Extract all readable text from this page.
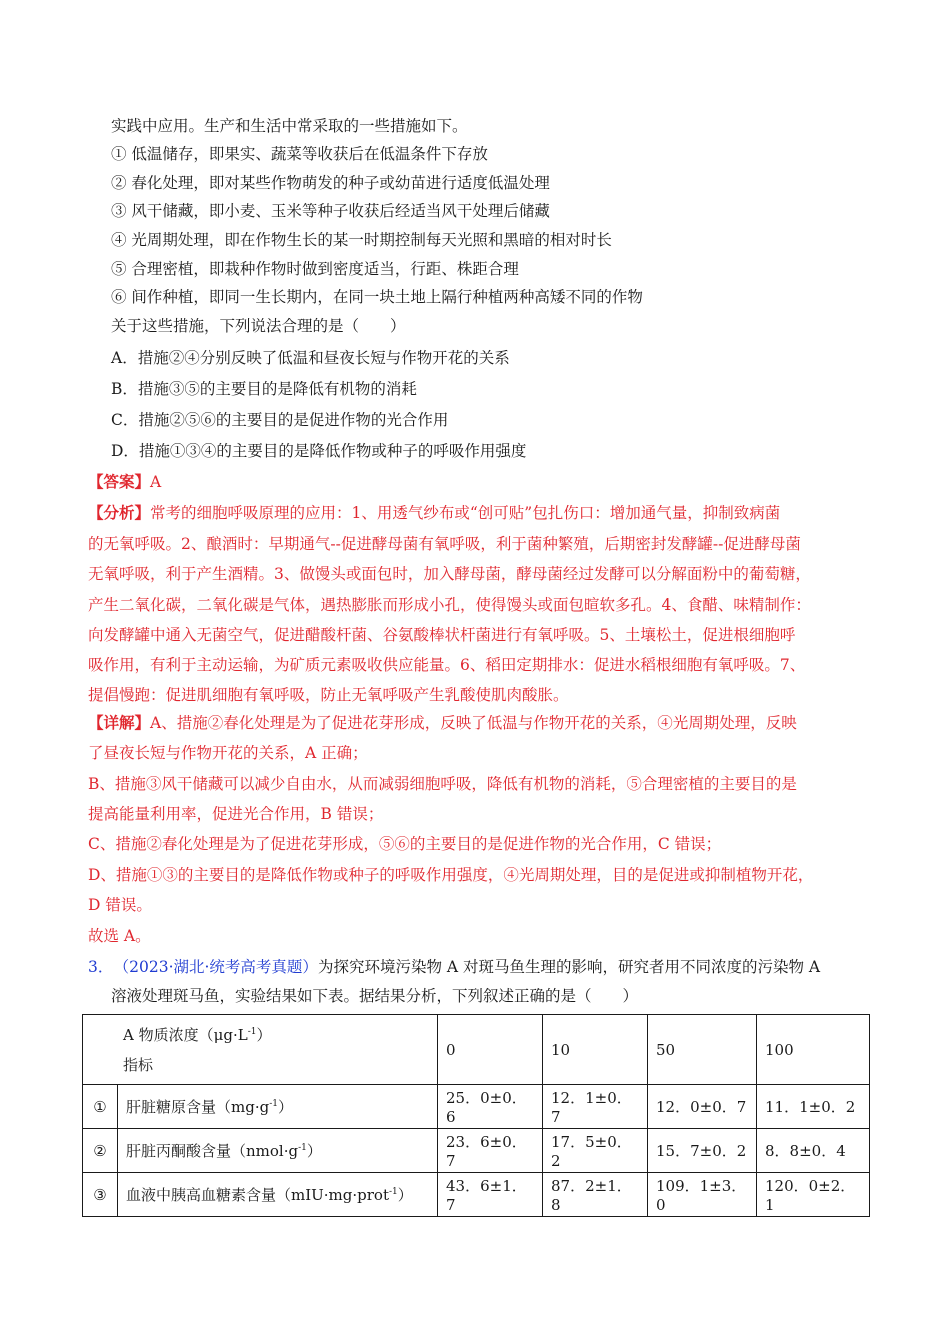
实践中应用。生产和生活中常采取的一些措施如下。
① 低温储存，即果实、蔬菜等收获后在低温条件下存放
② 春化处理，即对某些作物萌发的种子或幼苗进行适度低温处理
③ 风干储藏，即小麦、玉米等种子收获后经适当风干处理后储藏
④ 光周期处理，即在作物生长的某一时期控制每天光照和黑暗的相对时长
⑤ 合理密植，即栽种作物时做到密度适当，行距、株距合理
⑥ 间作种植，即同一生长期内，在同一块土地上隔行种植两种高矮不同的作物
关于这些措施，下列说法合理的是（　　）
A．措施②④分别反映了低温和昼夜长短与作物开花的关系
B．措施③⑤的主要目的是降低有机物的消耗
C．措施②⑤⑥的主要目的是促进作物的光合作用
D．措施①③④的主要目的是降低作物或种子的呼吸作用强度
【答案】A
【分析】常考的细胞呼吸原理的应用：1、用透气纱布或“创可贴”包扎伤口：增加通气量，抑制致病菌
的无氧呼吸。2、酿酒时：早期通气--促进酵母菌有氧呼吸，利于菌种繁殖，后期密封发酵罐--促进酵母菌
无氧呼吸，利于产生酒精。3、做馒头或面包时，加入酵母菌，酵母菌经过发酵可以分解面粉中的葡萄糖，
产生二氧化碳，二氧化碳是气体，遇热膨胀而形成小孔，使得馒头或面包暄软多孔。4、食醋、味精制作：
向发酵罐中通入无菌空气，促进醋酸杆菌、谷氨酸棒状杆菌进行有氧呼吸。5、土壤松土，促进根细胞呼
吸作用，有利于主动运输，为矿质元素吸收供应能量。6、稻田定期排水：促进水稻根细胞有氧呼吸。7、
提倡慢跑：促进肌细胞有氧呼吸，防止无氧呼吸产生乳酸使肌肉酸胀。
【详解】A、措施②春化处理是为了促进花芽形成，反映了低温与作物开花的关系，④光周期处理，反映
了昼夜长短与作物开花的关系，A 正确；
B、措施③风干储藏可以减少自由水，从而减弱细胞呼吸，降低有机物的消耗，⑤合理密植的主要目的是
提高能量利用率，促进光合作用，B 错误；
C、措施②春化处理是为了促进花芽形成，⑤⑥的主要目的是促进作物的光合作用，C 错误；
D、措施①③的主要目的是降低作物或种子的呼吸作用强度，④光周期处理，目的是促进或抑制植物开花，
D 错误。
故选 A。
3． （2023·湖北·统考高考真题）为探究环境污染物 A 对斑马鱼生理的影响，研究者用不同浓度的污染物 A
溶液处理斑马鱼，实验结果如下表。据结果分析，下列叙述正确的是（　　）
A 物质浓度$(\mu g\cdot L^{-1})$
指标		0	10	50	100
①	肝脏糖原含量$(mg\cdot g^{-1})$	25．0±0．6	12．1±0．7	12．0±0．7	11．1±0．2
②	肝脏丙酮酸含量$(nmol\cdot g^{-1})$	23．6±0．7	17．5±0．2	15．7±0．2	8．8±0．4
③	血液中胰高血糖素含量（mIU·mg·prot$^{-1}$）	43．6±1．7	87．2±1．8	109．1±3．0	120．0±2．1
